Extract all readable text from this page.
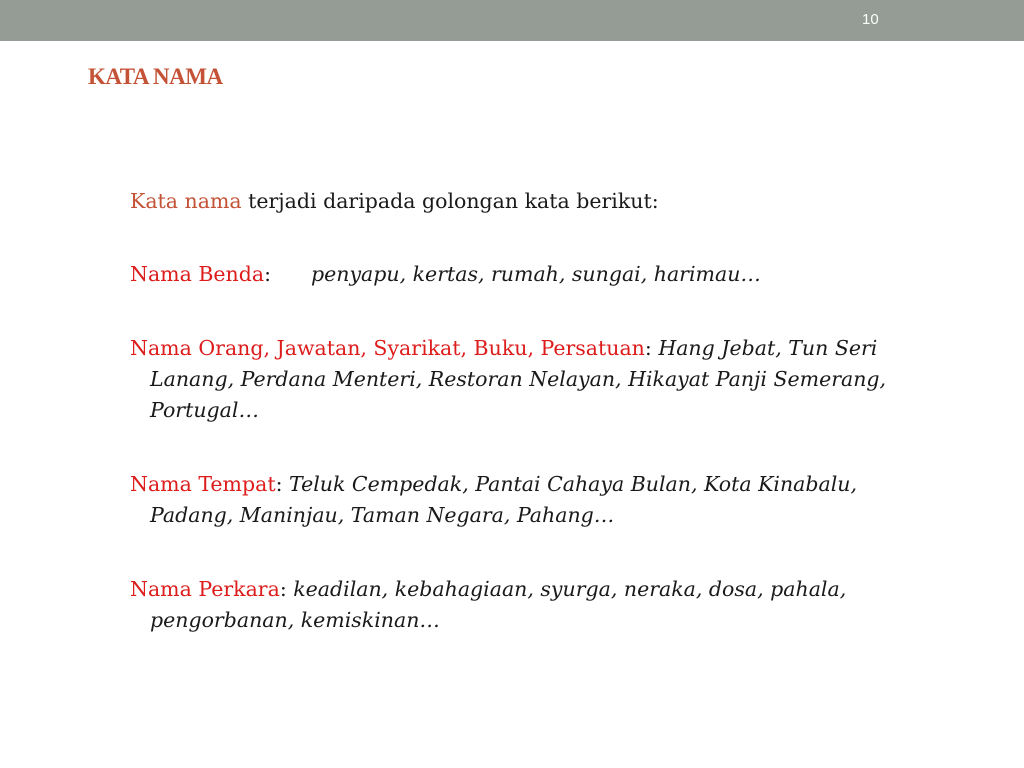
10
KATA NAMA

Kata nama terjadi daripada golongan kata berikut:

Nama Benda: penyapu, kertas, rumah, sungai, harimau…

Nama Orang, Jawatan, Syarikat, Buku, Persatuan: Hang Jebat, Tun Seri Lanang, Perdana Menteri, Restoran Nelayan, Hikayat Panji Semerang, Portugal…

Nama Tempat: Teluk Cempedak, Pantai Cahaya Bulan, Kota Kinabalu, Padang, Maninjau, Taman Negara, Pahang…

Nama Perkara: keadilan, kebahagiaan, syurga, neraka, dosa, pahala, pengorbanan, kemiskinan…
